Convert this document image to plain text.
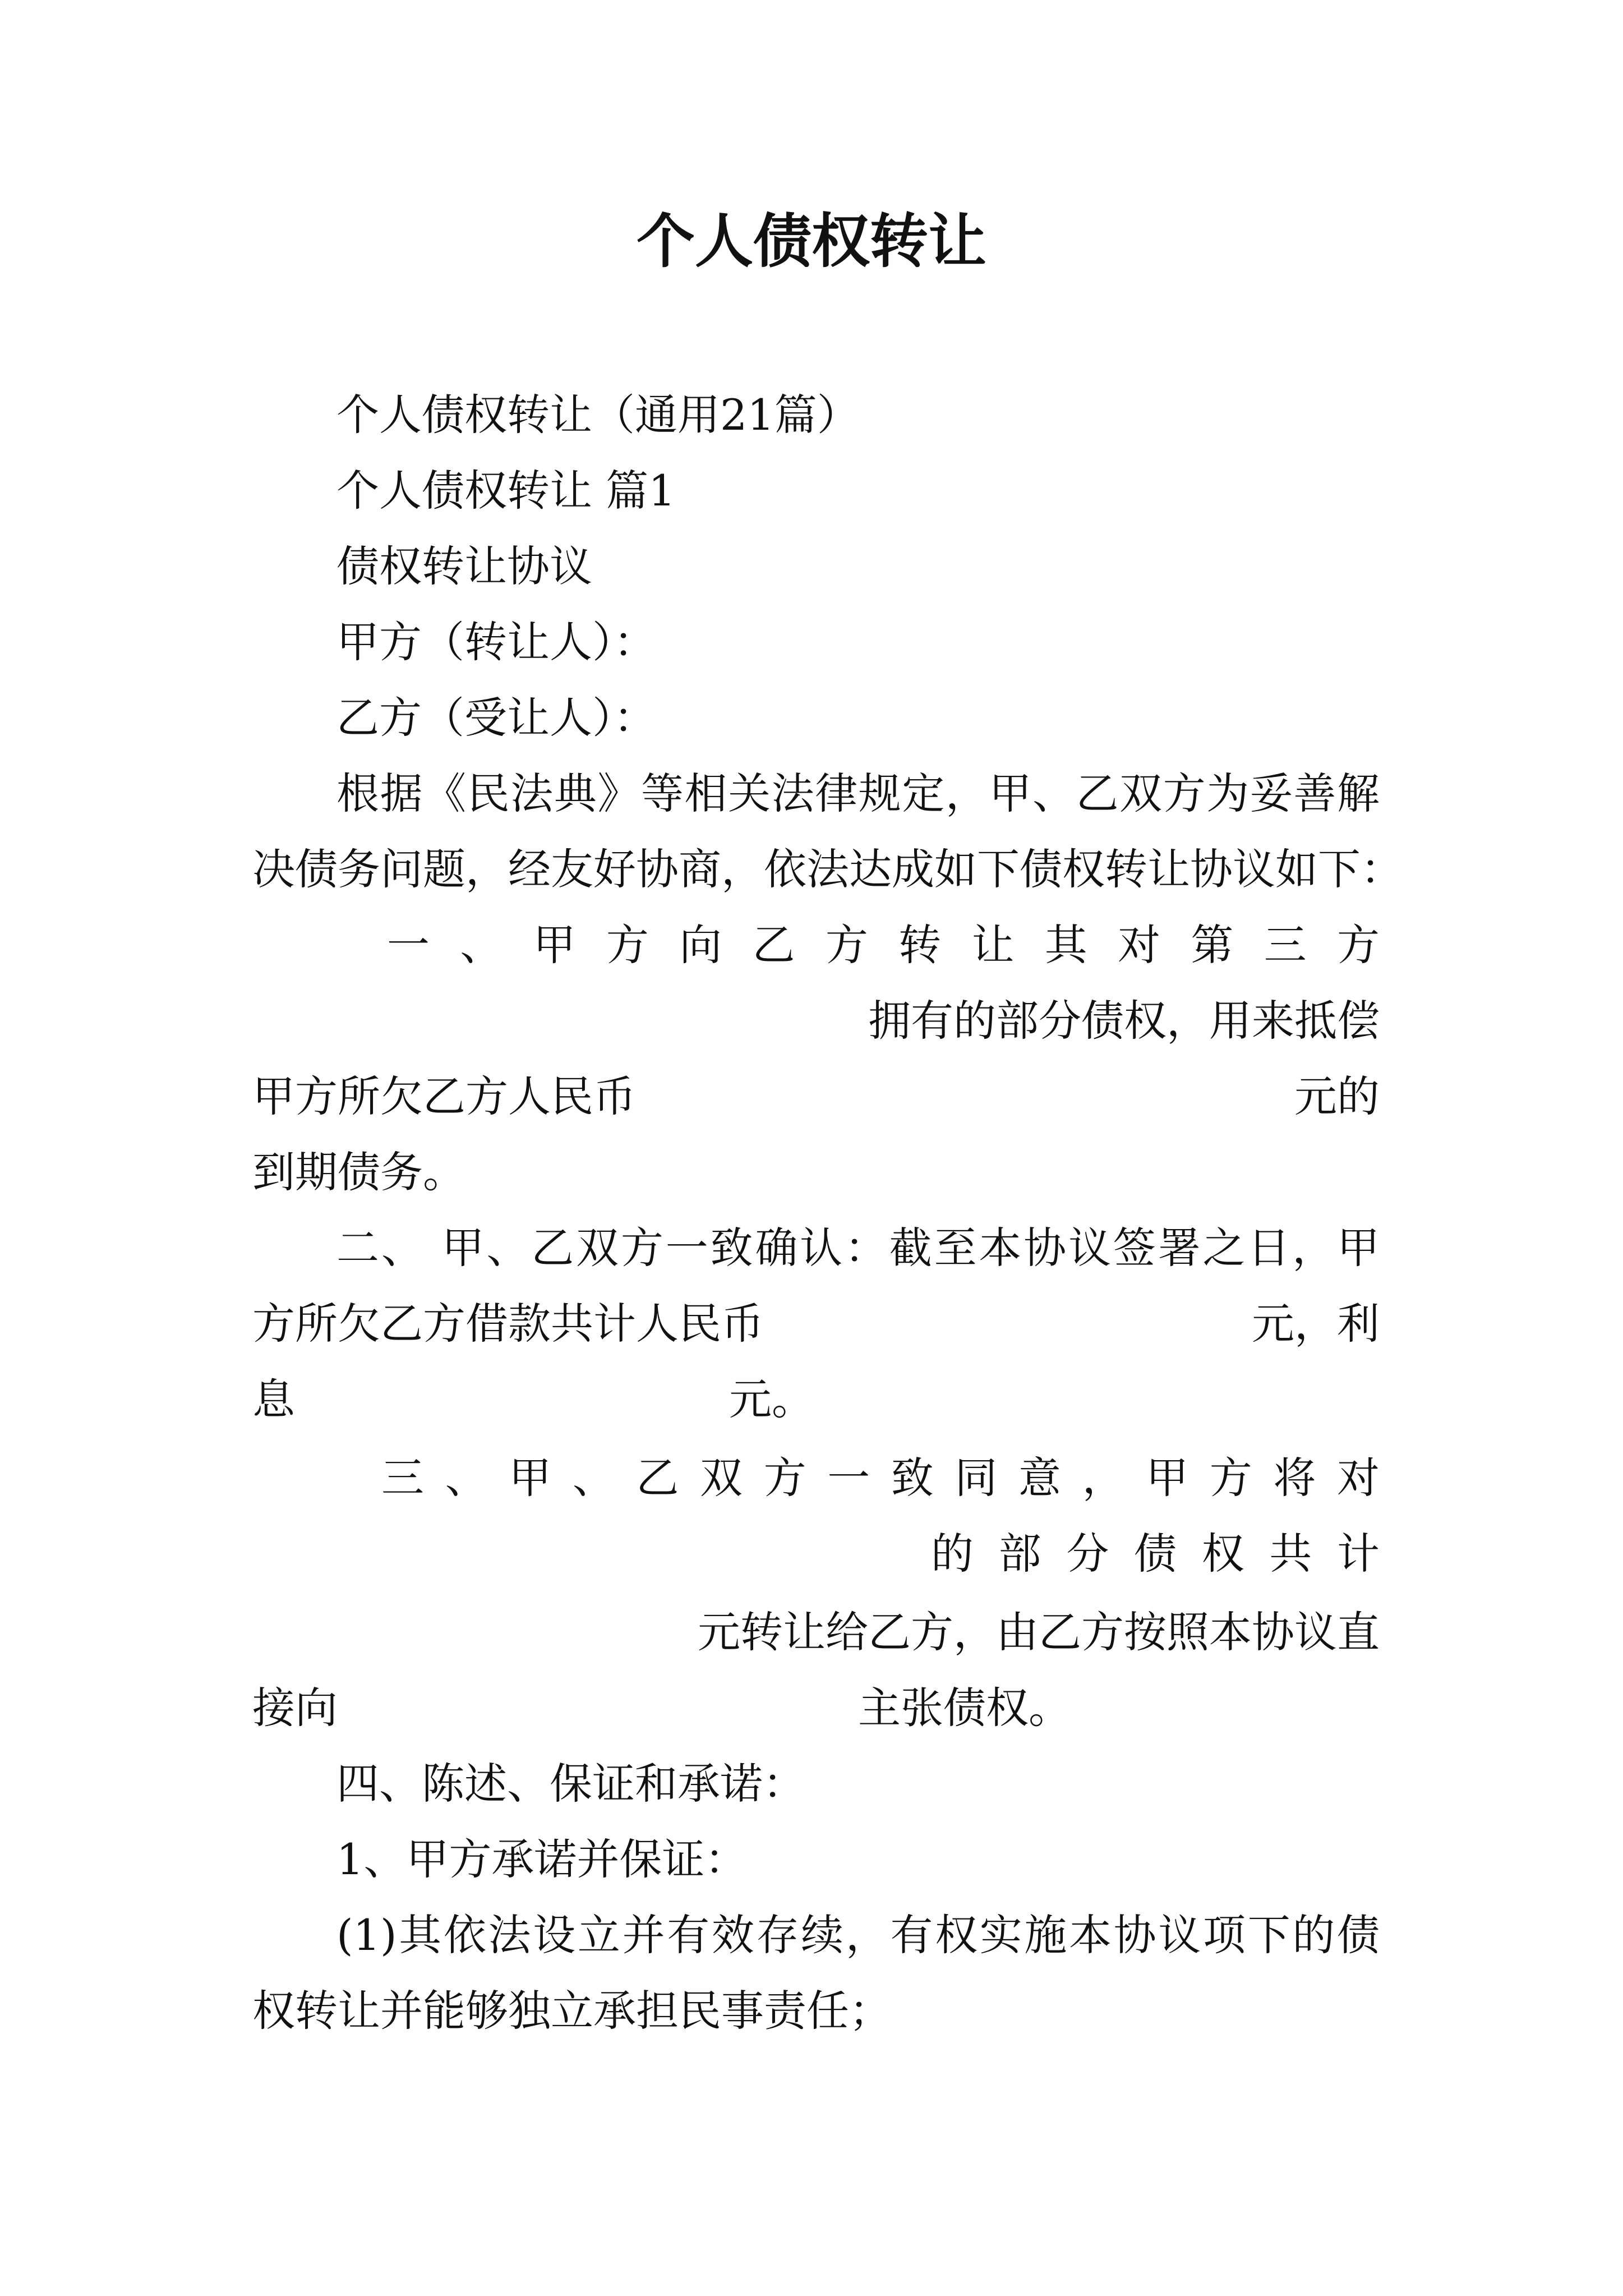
个人债权转让
个人债权转让（通用21篇）
个人债权转让 篇1
债权转让协议
甲方（转让人）：
乙方（受让人）：
根据《民法典》等相关法律规定，甲、乙双方为妥善解
决债务问题，经友好协商，依法达成如下债权转让协议如下：
一 、 甲 方 向 乙 方 转 让 其 对 第 三 方
拥有的部分债权，用来抵偿
甲方所欠乙方人民币	元的
到期债务。
二、 甲、乙双方一致确认：截至本协议签署之日，甲
方所欠乙方借款共计人民币	元，利
息	元。
三 、 甲 、 乙 双 方 一 致 同 意 ， 甲 方 将 对
的 部 分 债 权 共 计
元转让给乙方，由乙方按照本协议直
接向	主张债权。
四、陈述、保证和承诺：
1、甲方承诺并保证：
(1)其依法设立并有效存续，有权实施本协议项下的债
权转让并能够独立承担民事责任；
